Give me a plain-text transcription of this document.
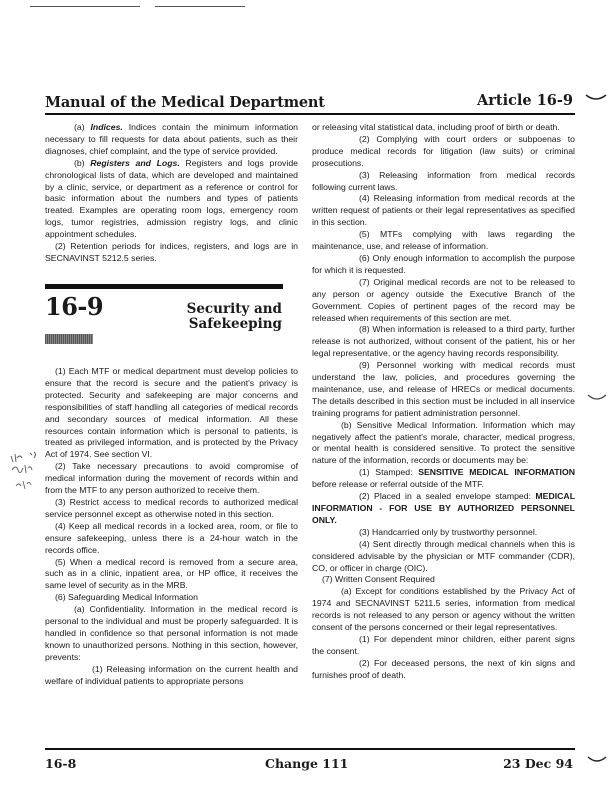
Manual of the Medical Department	Article 16-9

(a) Indices. Indices contain the minimum information necessary to fill requests for data about patients, such as their diagnoses, chief complaint, and the type of service provided.

(b) Registers and Logs. Registers and logs provide chronological lists of data, which are developed and maintained by a clinic, service, or department as a reference or control for basic information about the numbers and types of patients treated. Examples are operating room logs, emergency room logs, tumor registries, admission registry logs, and clinic appointment schedules.

(2) Retention periods for indices, registers, and logs are in SECNAVINST 5212.5 series.

16-9	Security and
Safekeeping

(1) Each MTF or medical department must develop policies to ensure that the record is secure and the patient's privacy is protected. Security and safekeeping are major concerns and responsibilities of staff handling all categories of medical records and secondary sources of medical information. All these resources contain information which is personal to patients, is treated as privileged information, and is protected by the Privacy Act of 1974. See section VI.

(2) Take necessary precautions to avoid compromise of medical information during the movement of records within and from the MTF to any person authorized to receive them.

(3) Restrict access to medical records to authorized medical service personnel except as otherwise noted in this section.

(4) Keep all medical records in a locked area, room, or file to ensure safekeeping, unless there is a 24-hour watch in the records office.

(5) When a medical record is removed from a secure area, such as in a clinic, inpatient area, or HP office, it receives the same level of security as in the MRB.

(6) Safeguarding Medical Information

(a) Confidentiality. Information in the medical record is personal to the individual and must be properly safeguarded. It is handled in confidence so that personal information is not made known to unauthorized persons. Nothing in this section, however, prevents:

(1) Releasing information on the current health and welfare of individual patients to appropriate persons

or releasing vital statistical data, including proof of birth or death.

(2) Complying with court orders or subpoenas to produce medical records for litigation (law suits) or criminal prosecutions.

(3) Releasing information from medical records following current laws.

(4) Releasing information from medical records at the written request of patients or their legal representatives as specified in this section.

(5) MTFs complying with laws regarding the maintenance, use, and release of information.

(6) Only enough information to accomplish the purpose for which it is requested.

(7) Original medical records are not to be released to any person or agency outside the Executive Branch of the Government. Copies of pertinent pages of the record may be released when requirements of this section are met.

(8) When information is released to a third party, further release is not authorized, without consent of the patient, his or her legal representative, or the agency having records responsibility.

(9) Personnel working with medical records must understand the law, policies, and procedures governing the maintenance, use, and release of HRECs or medical documents. The details described in this section must be included in all inservice training programs for patient administration personnel.

(b) Sensitive Medical Information. Information which may negatively affect the patient's morale, character, medical progress, or mental health is considered sensitive. To protect the sensitive nature of the information, records or documents may be:

(1) Stamped: SENSITIVE MEDICAL INFORMATION before release or referral outside of the MTF.

(2) Placed in a sealed envelope stamped: MEDICAL INFORMATION - FOR USE BY AUTHORIZED PERSONNEL ONLY.

(3) Handcarried only by trustworthy personnel.

(4) Sent directly through medical channels when this is considered advisable by the physician or MTF commander (CDR), CO, or officer in charge (OIC).

(7) Written Consent Required

(a) Except for conditions established by the Privacy Act of 1974 and SECNAVINST 5211.5 series, information from medical records is not released to any person or agency without the written consent of the persons concerned or their legal representatives.

(1) For dependent minor children, either parent signs the consent.

(2) For deceased persons, the next of kin signs and furnishes proof of death.

16-8	Change 111	23 Dec 94
